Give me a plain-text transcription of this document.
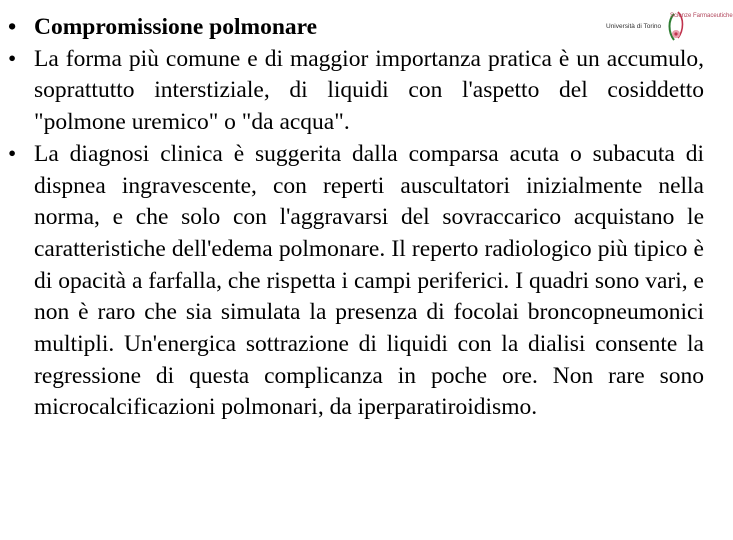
Università di Torino
Scienze Farmaceutiche
• Compromissione polmonare
• La forma più comune e di maggior importanza pratica è un accumulo, soprattutto interstiziale, di liquidi con l'aspetto del cosiddetto "polmone uremico" o "da acqua".
• La diagnosi clinica è suggerita dalla comparsa acuta o subacuta di dispnea ingravescente, con reperti auscultatori inizialmente nella norma, e che solo con l'aggravarsi del sovraccarico acquistano le caratteristiche dell'edema polmonare. Il reperto radiologico più tipico è di opacità a farfalla, che rispetta i campi periferici. I quadri sono vari, e non è raro che sia simulata la presenza di focolai broncopneumonici multipli. Un'energica sottrazione di liquidi con la dialisi consente la regressione di questa complicanza in poche ore. Non rare sono microcalcificazioni polmonari, da iperparatiroidismo.
